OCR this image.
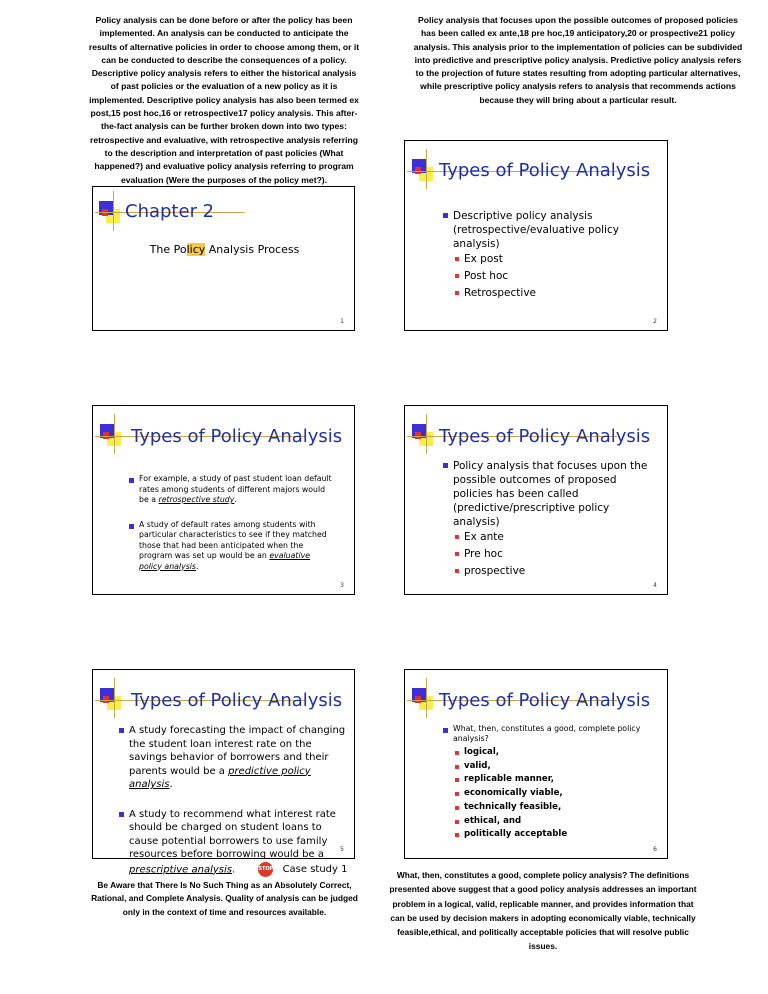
Policy analysis can be done before or after the policy has been implemented. An analysis can be conducted to anticipate the results of alternative policies in order to choose among them, or it can be conducted to describe the consequences of a policy. Descriptive policy analysis refers to either the historical analysis of past policies or the evaluation of a new policy as it is implemented. Descriptive policy analysis has also been termed ex post,15 post hoc,16 or retrospective17 policy analysis. This after-the-fact analysis can be further broken down into two types: retrospective and evaluative, with retrospective analysis referring to the description and interpretation of past policies (What happened?) and evaluative policy analysis referring to program evaluation (Were the purposes of the policy met?).
Policy analysis that focuses upon the possible outcomes of proposed policies has been called ex ante,18 pre hoc,19 anticipatory,20 or prospective21 policy analysis. This analysis prior to the implementation of policies can be subdivided into predictive and prescriptive policy analysis. Predictive policy analysis refers to the projection of future states resulting from adopting particular alternatives, while prescriptive policy analysis refers to analysis that recommends actions because they will bring about a particular result.
Chapter 2
The Policy Analysis Process
1
Types of Policy Analysis
Descriptive policy analysis (retrospective/evaluative policy analysis)
Ex post
Post hoc
Retrospective
2
Types of Policy Analysis
For example, a study of past student loan default rates among students of different majors would be a retrospective study.
A study of default rates among students with particular characteristics to see if they matched those that had been anticipated when the program was set up would be an evaluative policy analysis.
3
Types of Policy Analysis
Policy analysis that focuses upon the possible outcomes of proposed policies has been called (predictive/prescriptive policy analysis)
Ex ante
Pre hoc
prospective
4
Types of Policy Analysis
A study forecasting the impact of changing the student loan interest rate on the savings behavior of borrowers and their parents would be a predictive policy analysis.
A study to recommend what interest rate should be charged on student loans to cause potential borrowers to use family resources before borrowing would be a prescriptive analysis.	STOP Case study 1
5
Types of Policy Analysis
What, then, constitutes a good, complete policy analysis?
logical,
valid,
replicable manner,
economically viable,
technically feasible,
ethical, and
politically acceptable
6
Be Aware that There Is No Such Thing as an Absolutely Correct, Rational, and Complete Analysis. Quality of analysis can be judged only in the context of time and resources available.
What, then, constitutes a good, complete policy analysis? The definitions presented above suggest that a good policy analysis addresses an important problem in a logical, valid, replicable manner, and provides information that can be used by decision makers in adopting economically viable, technically feasible,ethical, and politically acceptable policies that will resolve public issues.
